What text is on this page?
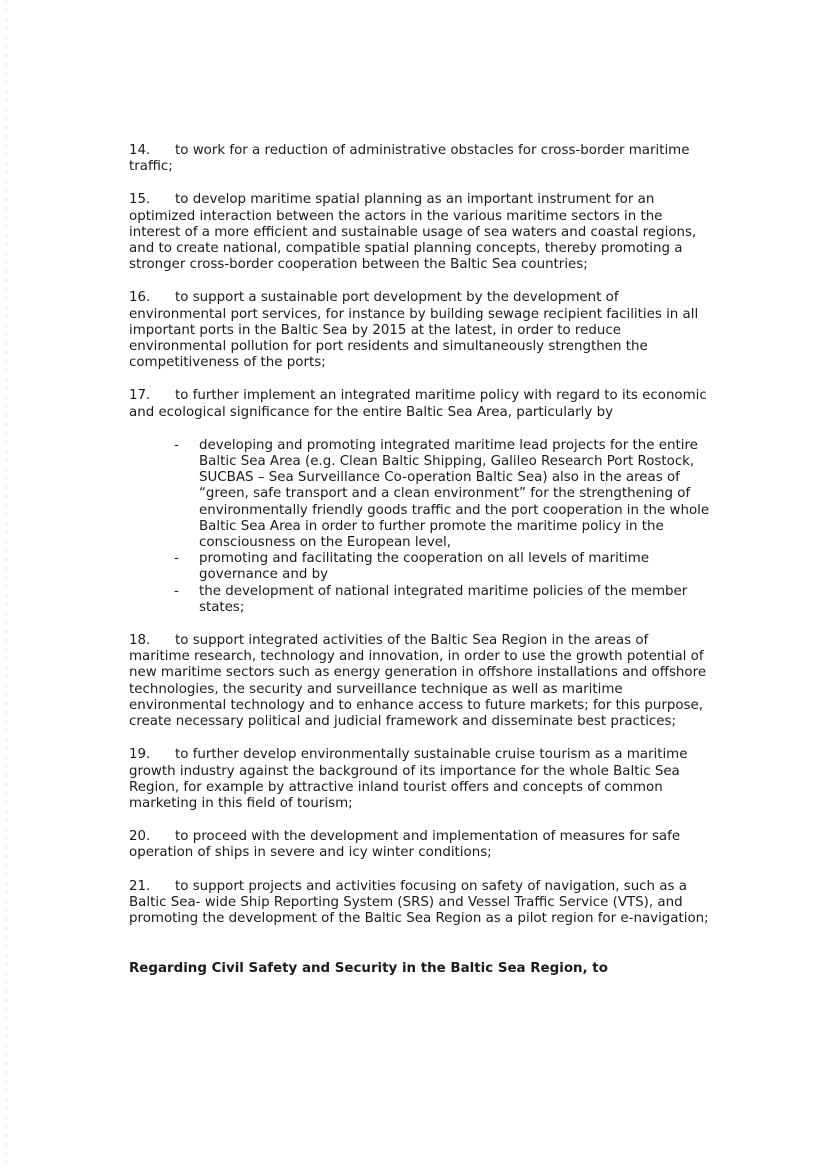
14. to work for a reduction of administrative obstacles for cross-border maritime traffic;

15. to develop maritime spatial planning as an important instrument for an optimized interaction between the actors in the various maritime sectors in the interest of a more efficient and sustainable usage of sea waters and coastal regions, and to create national, compatible spatial planning concepts, thereby promoting a stronger cross-border cooperation between the Baltic Sea countries;

16. to support a sustainable port development by the development of environmental port services, for instance by building sewage recipient facilities in all important ports in the Baltic Sea by 2015 at the latest, in order to reduce environmental pollution for port residents and simultaneously strengthen the competitiveness of the ports;

17. to further implement an integrated maritime policy with regard to its economic and ecological significance for the entire Baltic Sea Area, particularly by

- developing and promoting integrated maritime lead projects for the entire Baltic Sea Area (e.g. Clean Baltic Shipping, Galileo Research Port Rostock, SUCBAS – Sea Surveillance Co-operation Baltic Sea) also in the areas of “green, safe transport and a clean environment” for the strengthening of environmentally friendly goods traffic and the port cooperation in the whole Baltic Sea Area in order to further promote the maritime policy in the consciousness on the European level,
- promoting and facilitating the cooperation on all levels of maritime governance and by
- the development of national integrated maritime policies of the member states;

18. to support integrated activities of the Baltic Sea Region in the areas of maritime research, technology and innovation, in order to use the growth potential of new maritime sectors such as energy generation in offshore installations and offshore technologies, the security and surveillance technique as well as maritime environmental technology and to enhance access to future markets; for this purpose, create necessary political and judicial framework and disseminate best practices;

19. to further develop environmentally sustainable cruise tourism as a maritime growth industry against the background of its importance for the whole Baltic Sea Region, for example by attractive inland tourist offers and concepts of common marketing in this field of tourism;

20. to proceed with the development and implementation of measures for safe operation of ships in severe and icy winter conditions;

21. to support projects and activities focusing on safety of navigation, such as a Baltic Sea- wide Ship Reporting System (SRS) and Vessel Traffic Service (VTS), and promoting the development of the Baltic Sea Region as a pilot region for e-navigation;

Regarding Civil Safety and Security in the Baltic Sea Region, to
